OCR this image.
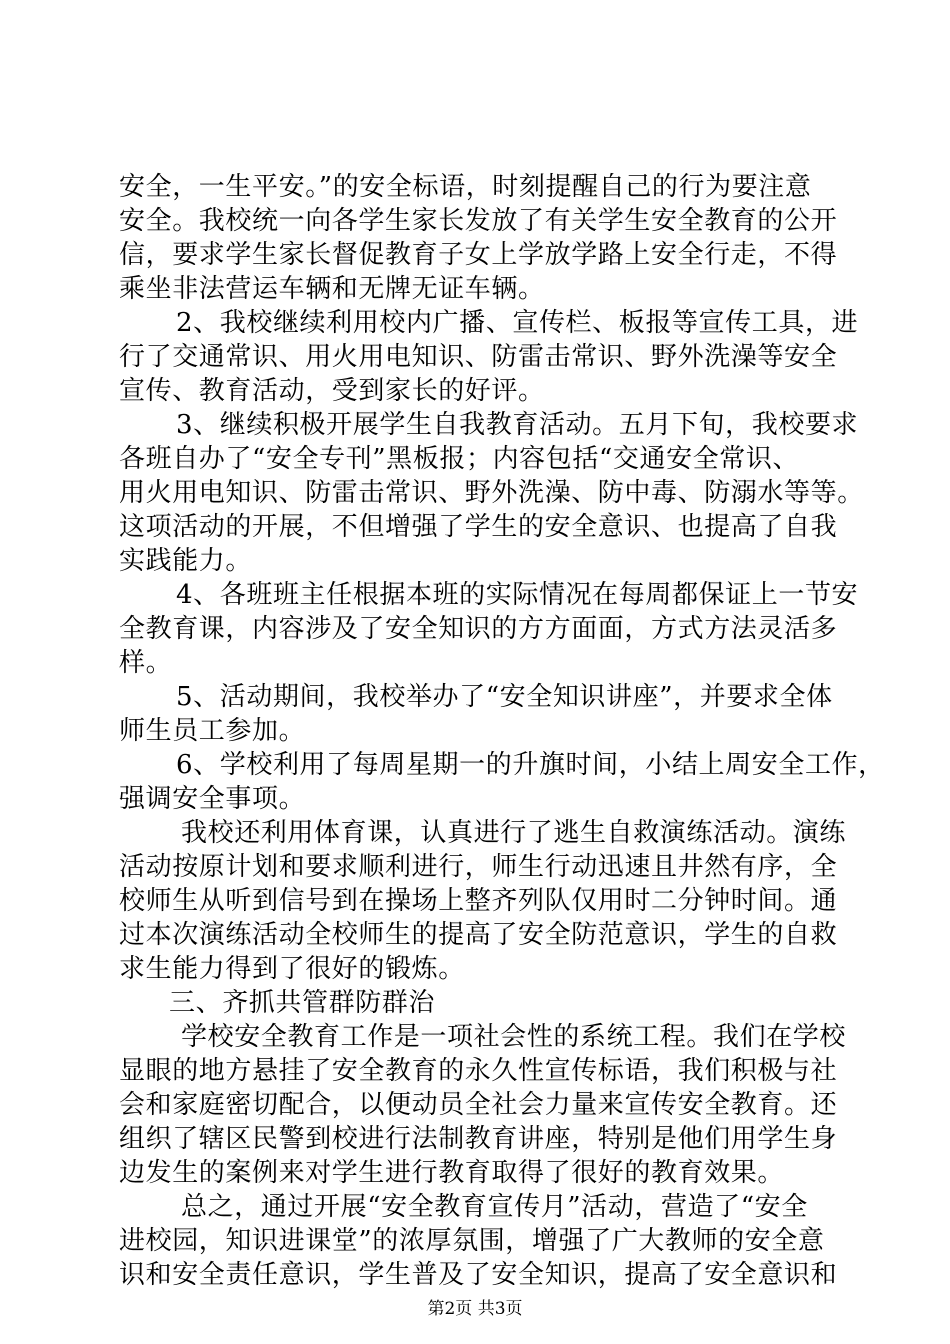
安全，一生平安。”的安全标语，时刻提醒自己的行为要注意
安全。我校统一向各学生家长发放了有关学生安全教育的公开
信，要求学生家长督促教育子女上学放学路上安全行走，不得
乘坐非法营运车辆和无牌无证车辆。
2、我校继续利用校内广播、宣传栏、板报等宣传工具，进
行了交通常识、用火用电知识、防雷击常识、野外洗澡等安全
宣传、教育活动，受到家长的好评。
3、继续积极开展学生自我教育活动。五月下旬，我校要求
各班自办了“安全专刊”黑板报；内容包括“交通安全常识、
用火用电知识、防雷击常识、野外洗澡、防中毒、防溺水等等。
这项活动的开展，不但增强了学生的安全意识、也提高了自我
实践能力。
4、各班班主任根据本班的实际情况在每周都保证上一节安
全教育课，内容涉及了安全知识的方方面面，方式方法灵活多
样。
5、活动期间，我校举办了“安全知识讲座”，并要求全体
师生员工参加。
6、学校利用了每周星期一的升旗时间，小结上周安全工作，
强调安全事项。
我校还利用体育课，认真进行了逃生自救演练活动。演练
活动按原计划和要求顺利进行，师生行动迅速且井然有序，全
校师生从听到信号到在操场上整齐列队仅用时二分钟时间。通
过本次演练活动全校师生的提高了安全防范意识，学生的自救
求生能力得到了很好的锻炼。
三、齐抓共管群防群治
学校安全教育工作是一项社会性的系统工程。我们在学校
显眼的地方悬挂了安全教育的永久性宣传标语，我们积极与社
会和家庭密切配合，以便动员全社会力量来宣传安全教育。还
组织了辖区民警到校进行法制教育讲座，特别是他们用学生身
边发生的案例来对学生进行教育取得了很好的教育效果。
总之，通过开展“安全教育宣传月”活动，营造了“安全
进校园，知识进课堂”的浓厚氛围，增强了广大教师的安全意
识和安全责任意识，学生普及了安全知识，提高了安全意识和
第2页 共3页
